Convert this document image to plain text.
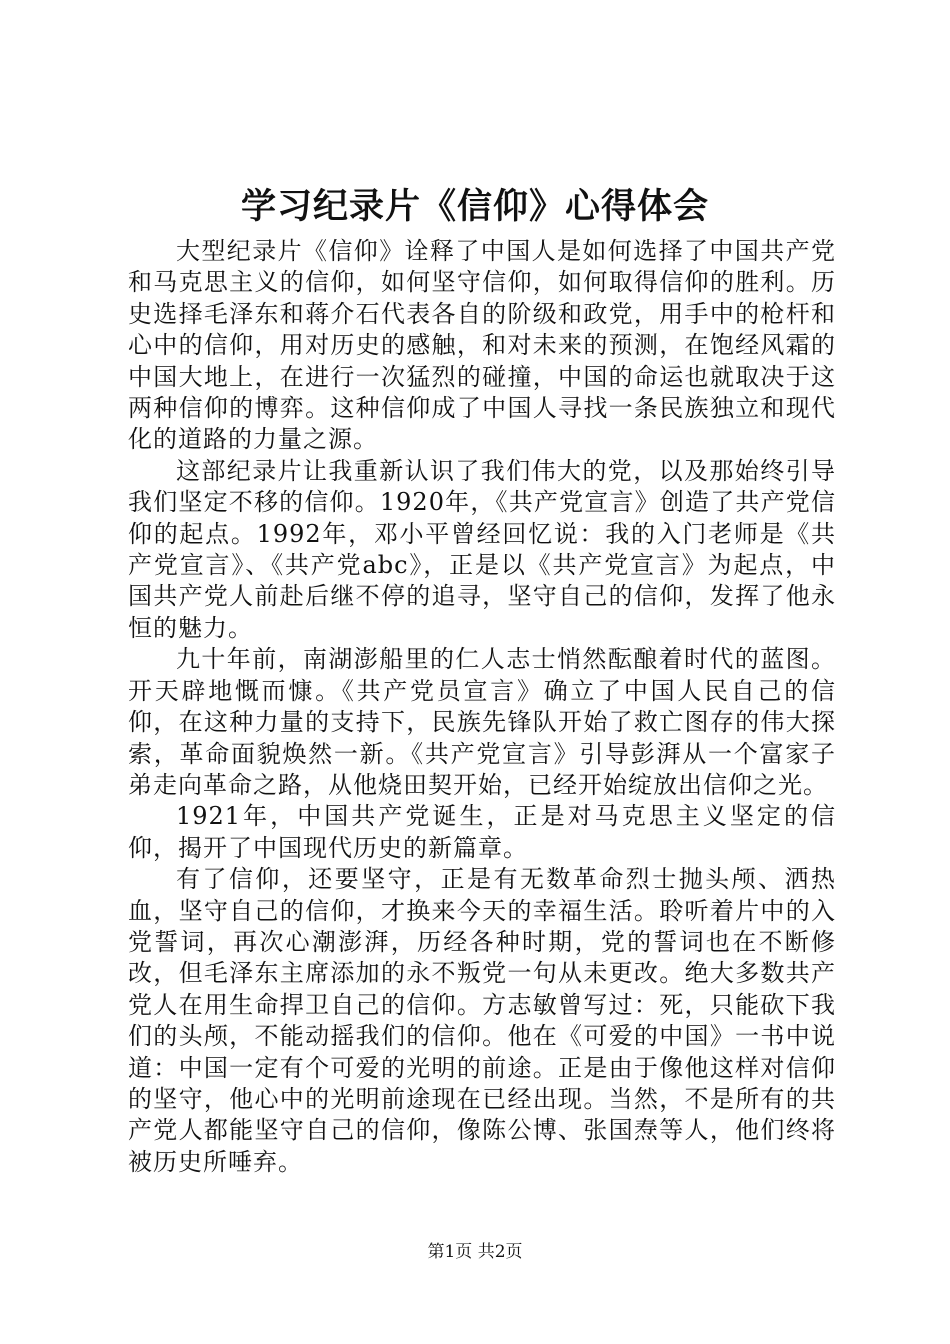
学习纪录片《信仰》心得体会

大型纪录片《信仰》诠释了中国人是如何选择了中国共产党和马克思主义的信仰，如何坚守信仰，如何取得信仰的胜利。历史选择毛泽东和蒋介石代表各自的阶级和政党，用手中的枪杆和心中的信仰，用对历史的感触，和对未来的预测，在饱经风霜的中国大地上，在进行一次猛烈的碰撞，中国的命运也就取决于这两种信仰的博弈。这种信仰成了中国人寻找一条民族独立和现代化的道路的力量之源。

这部纪录片让我重新认识了我们伟大的党，以及那始终引导我们坚定不移的信仰。1920年，《共产党宣言》创造了共产党信仰的起点。1992年，邓小平曾经回忆说：我的入门老师是《共产党宣言》、《共产党abc》，正是以《共产党宣言》为起点，中国共产党人前赴后继不停的追寻，坚守自己的信仰，发挥了他永恒的魅力。

九十年前，南湖澎船里的仁人志士悄然酝酿着时代的蓝图。开天辟地慨而慷。《共产党员宣言》确立了中国人民自己的信仰，在这种力量的支持下，民族先锋队开始了救亡图存的伟大探索，革命面貌焕然一新。《共产党宣言》引导彭湃从一个富家子弟走向革命之路，从他烧田契开始，已经开始绽放出信仰之光。

1921年，中国共产党诞生，正是对马克思主义坚定的信仰，揭开了中国现代历史的新篇章。

有了信仰，还要坚守，正是有无数革命烈士抛头颅、洒热血，坚守自己的信仰，才换来今天的幸福生活。聆听着片中的入党誓词，再次心潮澎湃，历经各种时期，党的誓词也在不断修改，但毛泽东主席添加的永不叛党一句从未更改。绝大多数共产党人在用生命捍卫自己的信仰。方志敏曾写过：死，只能砍下我们的头颅，不能动摇我们的信仰。他在《可爱的中国》一书中说道：中国一定有个可爱的光明的前途。正是由于像他这样对信仰的坚守，他心中的光明前途现在已经出现。当然，不是所有的共产党人都能坚守自己的信仰，像陈公博、张国焘等人，他们终将被历史所唾弃。

第1页 共2页
